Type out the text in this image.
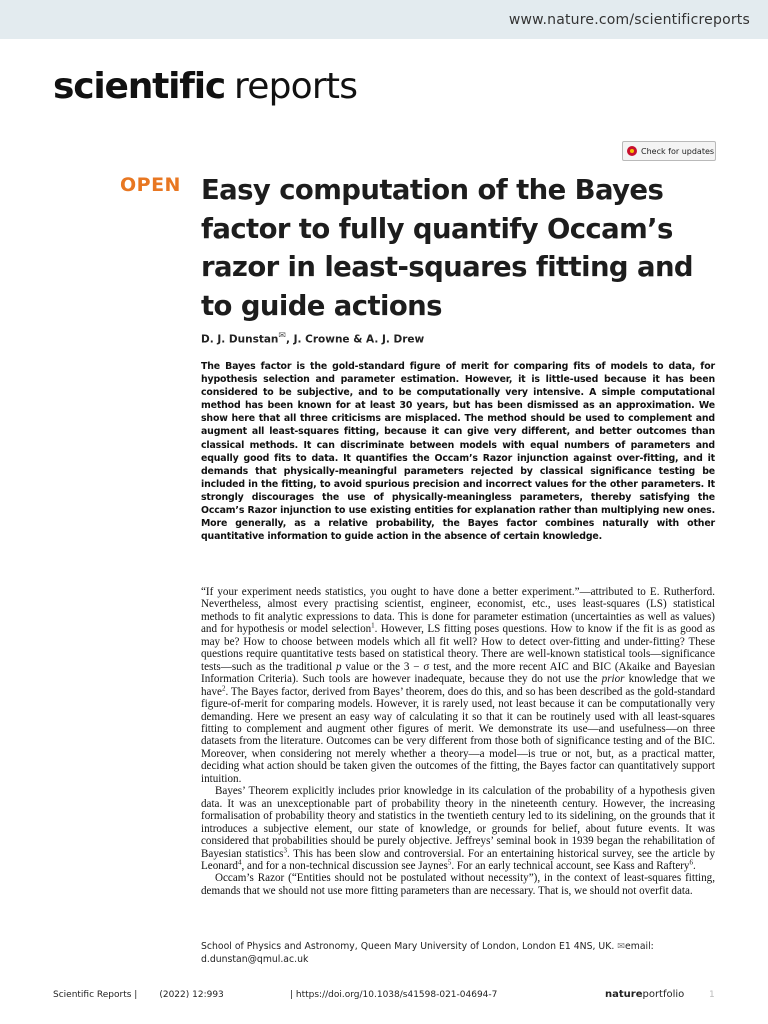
www.nature.com/scientificreports
scientific reports
Check for updates
OPEN Easy computation of the Bayes factor to fully quantify Occam’s razor in least-squares fitting and to guide actions
D. J. Dunstan✉, J. Crowne & A. J. Drew

The Bayes factor is the gold-standard figure of merit for comparing fits of models to data, for hypothesis selection and parameter estimation. However, it is little-used because it has been considered to be subjective, and to be computationally very intensive. A simple computational method has been known for at least 30 years, but has been dismissed as an approximation. We show here that all three criticisms are misplaced. The method should be used to complement and augment all least-squares fitting, because it can give very different, and better outcomes than classical methods. It can discriminate between models with equal numbers of parameters and equally good fits to data. It quantifies the Occam’s Razor injunction against over-fitting, and it demands that physically-meaningful parameters rejected by classical significance testing be included in the fitting, to avoid spurious precision and incorrect values for the other parameters. It strongly discourages the use of physically-meaningless parameters, thereby satisfying the Occam’s Razor injunction to use existing entities for explanation rather than multiplying new ones. More generally, as a relative probability, the Bayes factor combines naturally with other quantitative information to guide action in the absence of certain knowledge.

“If your experiment needs statistics, you ought to have done a better experiment.”—attributed to E. Rutherford. Nevertheless, almost every practising scientist, engineer, economist, etc., uses least-squares (LS) statistical methods to fit analytic expressions to data. This is done for parameter estimation (uncertainties as well as values) and for hypothesis or model selection$^1$. However, LS fitting poses questions. How to know if the fit is as good as may be? How to choose between models which all fit well? How to detect over-fitting and under-fitting? These questions require quantitative tests based on statistical theory. There are well-known statistical tools—significance tests—such as the traditional p value or the 3 − σ test, and the more recent AIC and BIC (Akaike and Bayesian Information Criteria). Such tools are however inadequate, because they do not use the prior knowledge that we have$^2$. The Bayes factor, derived from Bayes’ theorem, does do this, and so has been described as the gold-standard figure-of-merit for comparing models. However, it is rarely used, not least because it can be computationally very demanding. Here we present an easy way of calculating it so that it can be routinely used with all least-squares fitting to complement and augment other figures of merit. We demonstrate its use—and usefulness—on three datasets from the literature. Outcomes can be very different from those both of significance testing and of the BIC. Moreover, when considering not merely whether a theory—a model—is true or not, but, as a practical matter, deciding what action should be taken given the outcomes of the fitting, the Bayes factor can quantitatively support intuition.

Bayes’ Theorem explicitly includes prior knowledge in its calculation of the probability of a hypothesis given data. It was an unexceptionable part of probability theory in the nineteenth century. However, the increasing formalisation of probability theory and statistics in the twentieth century led to its sidelining, on the grounds that it introduces a subjective element, our state of knowledge, or grounds for belief, about future events. It was considered that probabilities should be purely objective. Jeffreys’ seminal book in 1939 began the rehabilitation of Bayesian statistics$^3$. This has been slow and controversial. For an entertaining historical survey, see the article by Leonard$^4$, and for a non-technical discussion see Jaynes$^5$. For an early technical account, see Kass and Raftery$^6$.

Occam’s Razor (“Entities should not be postulated without necessity”), in the context of least-squares fitting, demands that we should not use more fitting parameters than are necessary. That is, we should not overfit data.

School of Physics and Astronomy, Queen Mary University of London, London E1 4NS, UK. ✉email: d.dunstan@qmul.ac.uk

Scientific Reports | (2022) 12:993	| https://doi.org/10.1038/s41598-021-04694-7	natureportfolio	1
